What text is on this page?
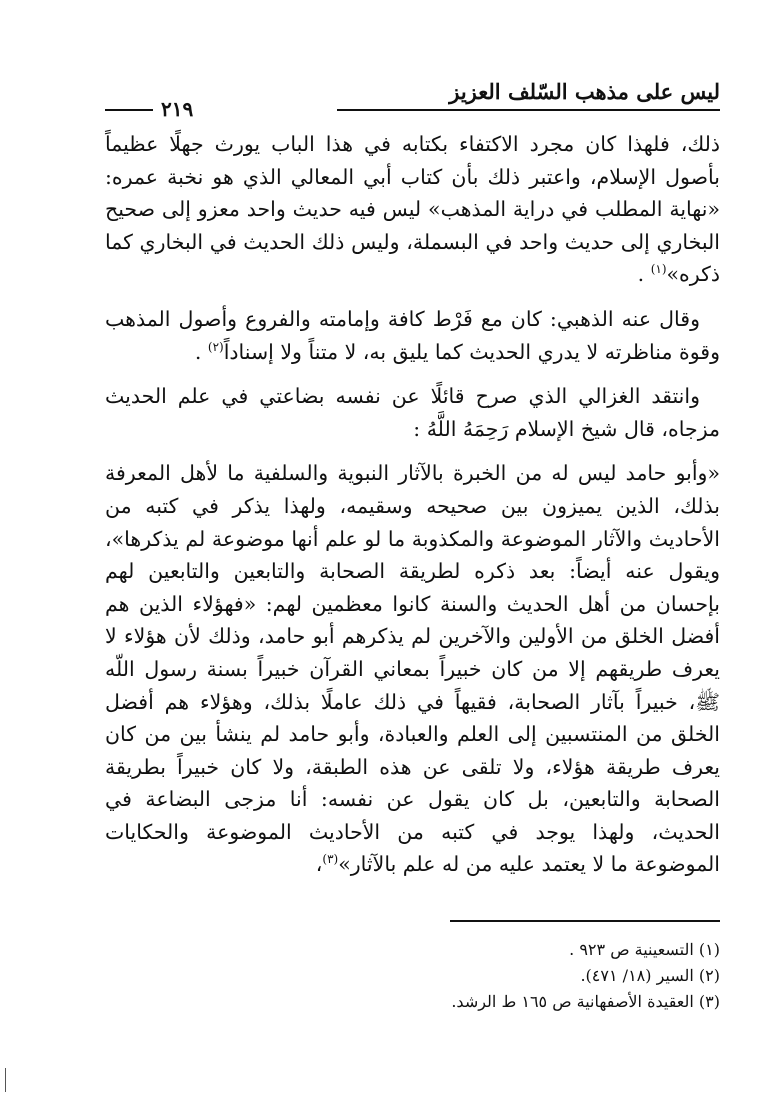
ليس على مذهب السّلف العزيز
٢١٩

ذلك، فلهذا كان مجرد الاكتفاء بكتابه في هذا الباب يورث جهلًا عظيماً بأصول الإسلام، واعتبر ذلك بأن كتاب أبي المعالي الذي هو نخبة عمره: «نهاية المطلب في دراية المذهب» ليس فيه حديث واحد معزو إلى صحيح البخاري إلى حديث واحد في البسملة، وليس ذلك الحديث في البخاري كما ذكره»$^{(١)}$ .

وقال عنه الذهبي: كان مع فَرْط كافة وإمامته والفروع وأصول المذهب وقوة مناظرته لا يدري الحديث كما يليق به، لا متناً ولا إسناداً$^{(٢)}$ .

وانتقد الغزالي الذي صرح قائلًا عن نفسه بضاعتي في علم الحديث مزجاه، قال شيخ الإسلام رَحِمَهُ اللَّهُ :

«وأبو حامد ليس له من الخبرة بالآثار النبوية والسلفية ما لأهل المعرفة بذلك، الذين يميزون بين صحيحه وسقيمه، ولهذا يذكر في كتبه من الأحاديث والآثار الموضوعة والمكذوبة ما لو علم أنها موضوعة لم يذكرها»، ويقول عنه أيضاً: بعد ذكره لطريقة الصحابة والتابعين والتابعين لهم بإحسان من أهل الحديث والسنة كانوا معظمين لهم: «فهؤلاء الذين هم أفضل الخلق من الأولين والآخرين لم يذكرهم أبو حامد، وذلك لأن هؤلاء لا يعرف طريقهم إلا من كان خبيراً بمعاني القرآن خبيراً بسنة رسول اللّه ﷺ، خبيراً بآثار الصحابة، فقيهاً في ذلك عاملًا بذلك، وهؤلاء هم أفضل الخلق من المنتسبين إلى العلم والعبادة، وأبو حامد لم ينشأ بين من كان يعرف طريقة هؤلاء، ولا تلقى عن هذه الطبقة، ولا كان خبيراً بطريقة الصحابة والتابعين، بل كان يقول عن نفسه: أنا مزجى البضاعة في الحديث، ولهذا يوجد في كتبه من الأحاديث الموضوعة والحكايات الموضوعة ما لا يعتمد عليه من له علم بالآثار»$^{(٣)}$،

(١) التسعينية ص ٩٢٣ .
(٢) السير (١٨/ ٤٧١).
(٣) العقيدة الأصفهانية ص ١٦٥ ط الرشد.
